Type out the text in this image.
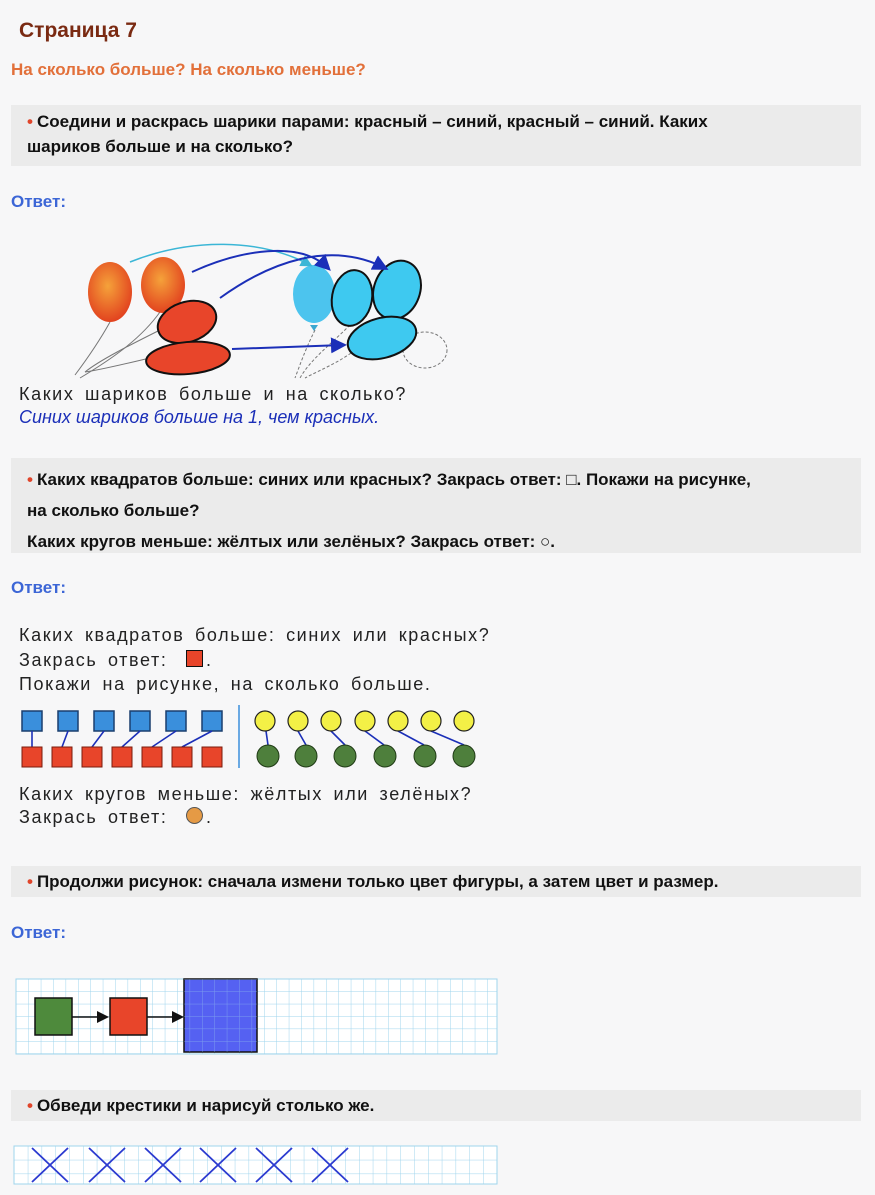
Страница 7
На сколько больше? На сколько меньше?
• Соедини и раскрась шарики парами: красный – синий, красный – синий. Каких
шариков больше и на сколько?
Ответ:
Каких шариков больше и на сколько?
Синих шариков больше на 1, чем красных.
• Каких квадратов больше: синих или красных? Закрась ответ: □. Покажи на рисунке,
на сколько больше?
Каких кругов меньше: жёлтых или зелёных? Закрась ответ: ○.
Ответ:
Каких квадратов больше: синих или красных?
Закрась ответ: .
Покажи на рисунке, на сколько больше.
Каких кругов меньше: жёлтых или зелёных?
Закрась ответ: .
• Продолжи рисунок: сначала измени только цвет фигуры, а затем цвет и размер.
Ответ:
• Обведи крестики и нарисуй столько же.
